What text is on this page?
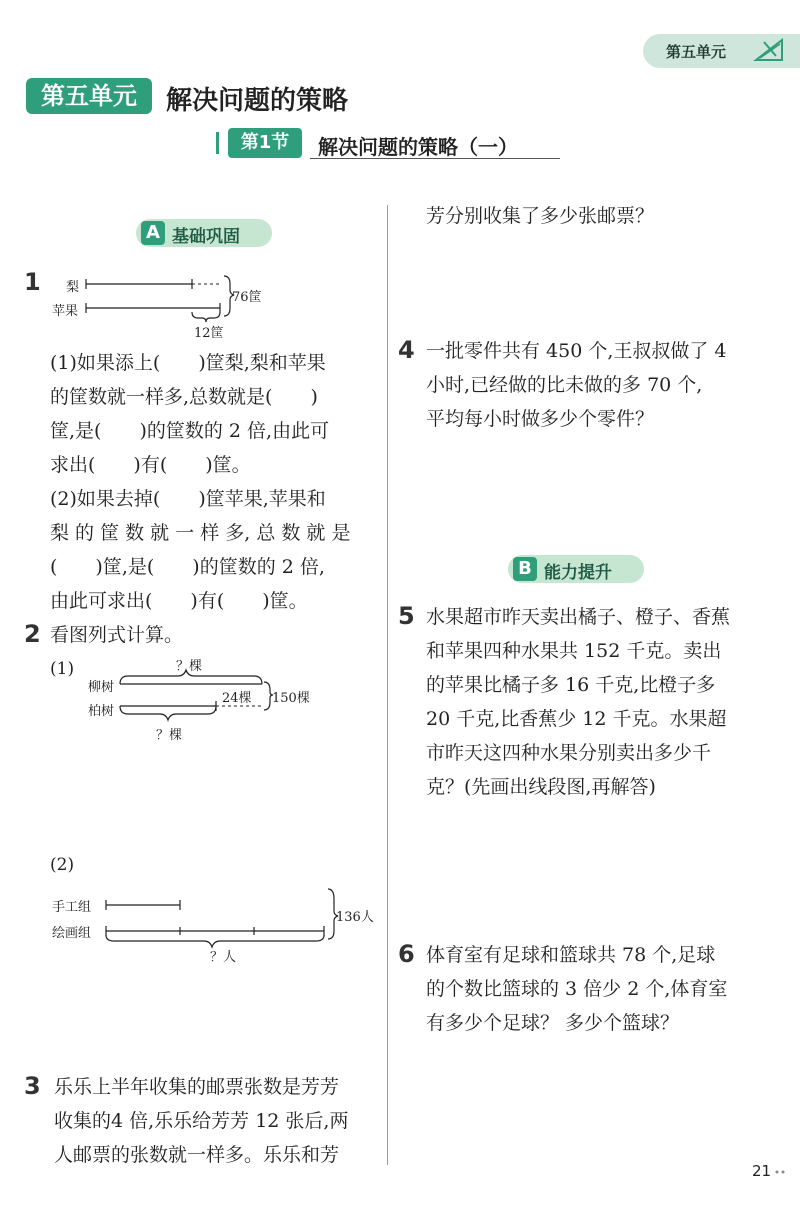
第五单元
第五单元	解决问题的策略
第1节	解决问题的策略（一）
A 基础巩固
1 梨
苹果
76筐
12筐
(1)如果添上(　　)筐梨,梨和苹果
的筐数就一样多,总数就是(　　)
筐,是(　　)的筐数的 2 倍,由此可
求出(　　)有(　　)筐。
(2)如果去掉(　　)筐苹果,苹果和
梨 的 筐 数 就 一 样 多, 总 数 就 是
(　　)筐,是(　　)的筐数的 2 倍,
由此可求出(　　)有(　　)筐。
2 看图列式计算。
(1)
柳树
柏树
？棵
24棵 150棵
？棵
(2)
手工组
绘画组
136人
？人
3 乐乐上半年收集的邮票张数是芳芳
收集的4 倍,乐乐给芳芳 12 张后,两
人邮票的张数就一样多。乐乐和芳
芳分别收集了多少张邮票？
4 一批零件共有 450 个,王叔叔做了 4
小时,已经做的比未做的多 70 个,
平均每小时做多少个零件？
B 能力提升
5 水果超市昨天卖出橘子、橙子、香蕉
和苹果四种水果共 152 千克。卖出
的苹果比橘子多 16 千克,比橙子多
20 千克,比香蕉少 12 千克。水果超
市昨天这四种水果分别卖出多少千
克？(先画出线段图,再解答)
6 体育室有足球和篮球共 78 个,足球
的个数比篮球的 3 倍少 2 个,体育室
有多少个足球？ 多少个篮球？
21
